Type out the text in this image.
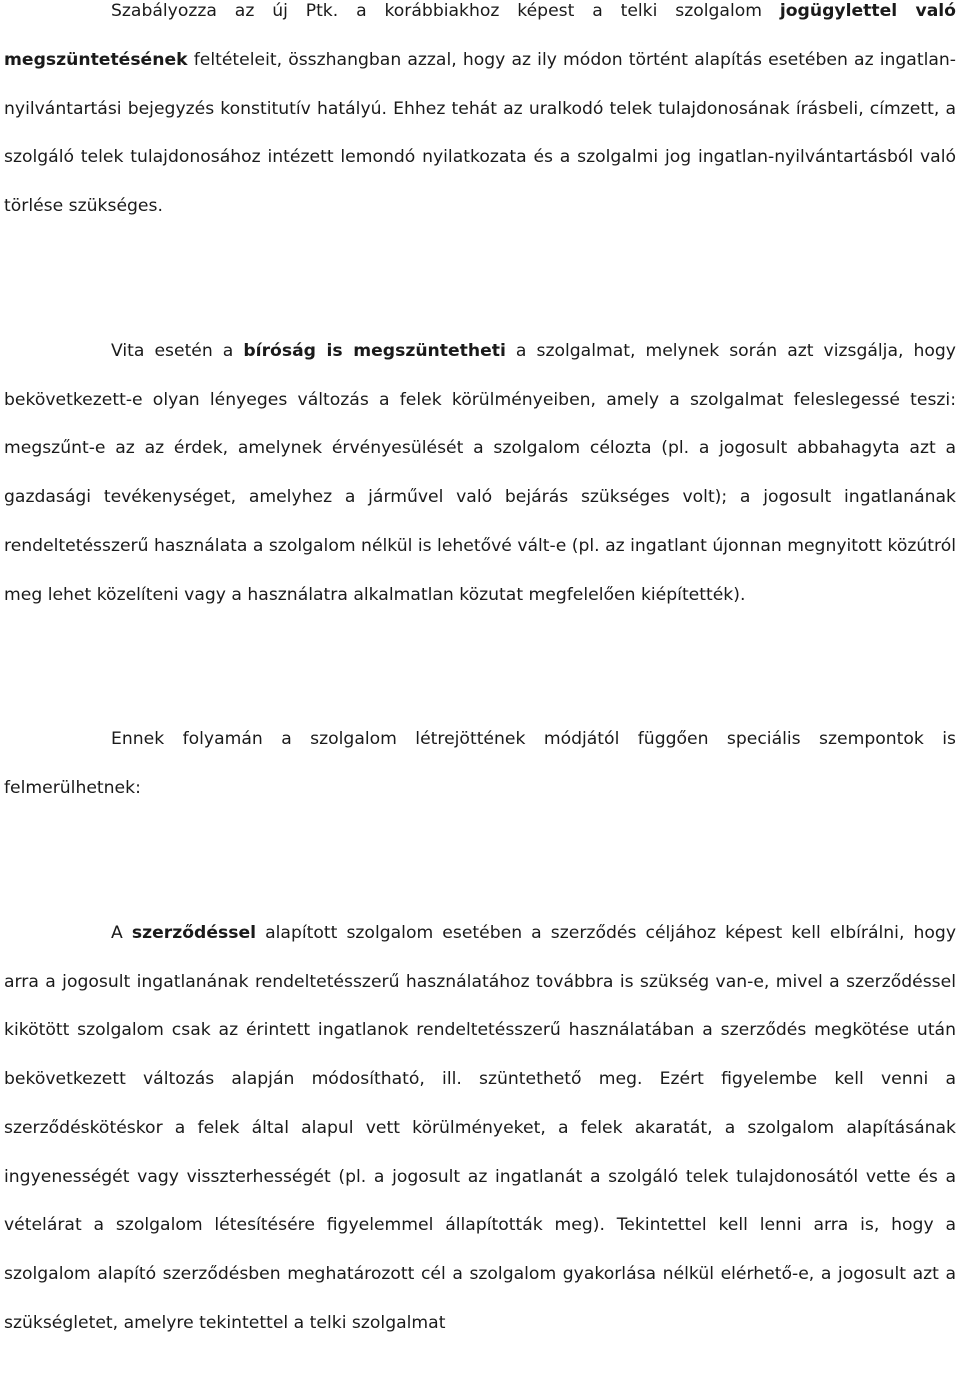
Szabályozza az új Ptk. a korábbiakhoz képest a telki szolgalom jogügylettel való megszüntetésének feltételeit, összhangban azzal, hogy az ily módon történt alapítás esetében az ingatlan-nyilvántartási bejegyzés konstitutív hatályú. Ehhez tehát az uralkodó telek tulajdonosának írásbeli, címzett, a szolgáló telek tulajdonosához intézett lemondó nyilatkozata és a szolgalmi jog ingatlan-nyilvántartásból való törlése szükséges.

Vita esetén a bíróság is megszüntetheti a szolgalmat, melynek során azt vizsgálja, hogy bekövetkezett-e olyan lényeges változás a felek körülményeiben, amely a szolgalmat feleslegessé teszi: megszűnt-e az az érdek, amelynek érvényesülését a szolgalom célozta (pl. a jogosult abbahagyta azt a gazdasági tevékenységet, amelyhez a járművel való bejárás szükséges volt); a jogosult ingatlanának rendeltetésszerű használata a szolgalom nélkül is lehetővé vált-e (pl. az ingatlant újonnan megnyitott közútról meg lehet közelíteni vagy a használatra alkalmatlan közutat megfelelően kiépítették).

Ennek folyamán a szolgalom létrejöttének módjától függően speciális szempontok is felmerülhetnek:

A szerződéssel alapított szolgalom esetében a szerződés céljához képest kell elbírálni, hogy arra a jogosult ingatlanának rendeltetésszerű használatához továbbra is szükség van-e, mivel a szerződéssel kikötött szolgalom csak az érintett ingatlanok rendeltetésszerű használatában a szerződés megkötése után bekövetkezett változás alapján módosítható, ill. szüntethető meg. Ezért figyelembe kell venni a szerződéskötéskor a felek által alapul vett körülményeket, a felek akaratát, a szolgalom alapításának ingyenességét vagy visszterhességét (pl. a jogosult az ingatlanát a szolgáló telek tulajdonosától vette és a vételárat a szolgalom létesítésére figyelemmel állapították meg). Tekintettel kell lenni arra is, hogy a szolgalom alapító szerződésben meghatározott cél a szolgalom gyakorlása nélkül elérhető-e, a jogosult azt a szükségletet, amelyre tekintettel a telki szolgalmat
